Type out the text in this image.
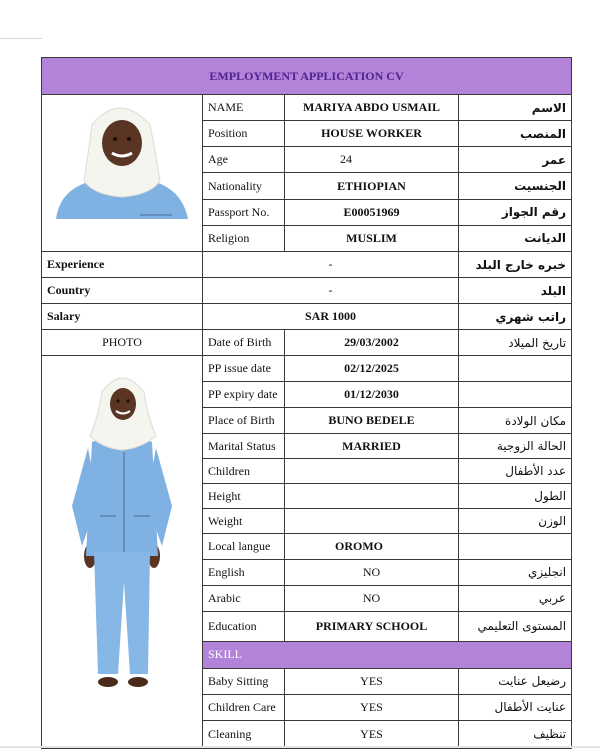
EMPLOYMENT APPLICATION CV			
	NAME	MARIYA ABDO USMAIL	الاسم
	Position	HOUSE WORKER	المنصب
	Age	24	عمر
	Nationality	ETHIOPIAN	الجنسيت
	Passport No.	E00051969	رقم الجواز
	Religion	MUSLIM	الديانت
Experience	-		خبره خارج البلد
Country	-		البلد
Salary	SAR 1000		راتب شهري
PHOTO	Date of Birth	29/03/2002	تاريخ الميلاد
	PP issue date	02/12/2025	
	PP expiry date	01/12/2030	
	Place of Birth	BUNO BEDELE	مكان الولادة
	Marital Status	MARRIED	الحالة الزوجية
	Children		عدد الأطفال
	Height		الطول
	Weight		الوزن
	Local langue	OROMO	
	English	NO	انجليزي
	Arabic	NO	عربي
	Education	PRIMARY SCHOOL	المستوى التعليمي
	SKILL		
	Baby Sitting	YES	رضيعل عنايت
	Children Care	YES	عنايت الأطفال
	Cleaning	YES	تنظيف
